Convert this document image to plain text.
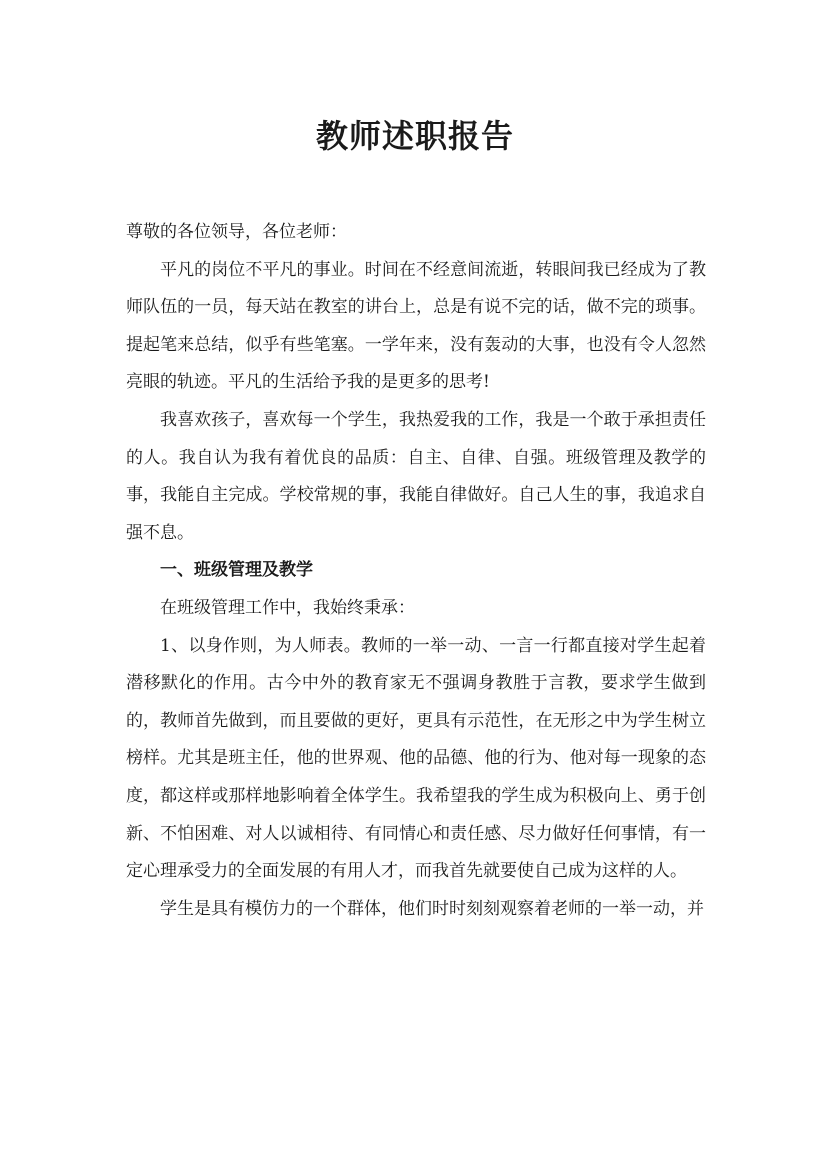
教师述职报告

尊敬的各位领导，各位老师：

平凡的岗位不平凡的事业。时间在不经意间流逝，转眼间我已经成为了教师队伍的一员，每天站在教室的讲台上，总是有说不完的话，做不完的琐事。提起笔来总结，似乎有些笔塞。一学年来，没有轰动的大事，也没有令人忽然亮眼的轨迹。平凡的生活给予我的是更多的思考!

我喜欢孩子，喜欢每一个学生，我热爱我的工作，我是一个敢于承担责任的人。我自认为我有着优良的品质：自主、自律、自强。班级管理及教学的事，我能自主完成。学校常规的事，我能自律做好。自己人生的事，我追求自强不息。

一、班级管理及教学

在班级管理工作中，我始终秉承：

1、以身作则，为人师表。教师的一举一动、一言一行都直接对学生起着潜移默化的作用。古今中外的教育家无不强调身教胜于言教，要求学生做到的，教师首先做到，而且要做的更好，更具有示范性，在无形之中为学生树立榜样。尤其是班主任，他的世界观、他的品德、他的行为、他对每一现象的态度，都这样或那样地影响着全体学生。我希望我的学生成为积极向上、勇于创新、不怕困难、对人以诚相待、有同情心和责任感、尽力做好任何事情，有一定心理承受力的全面发展的有用人才，而我首先就要使自己成为这样的人。

学生是具有模仿力的一个群体，他们时时刻刻观察着老师的一举一动，并
